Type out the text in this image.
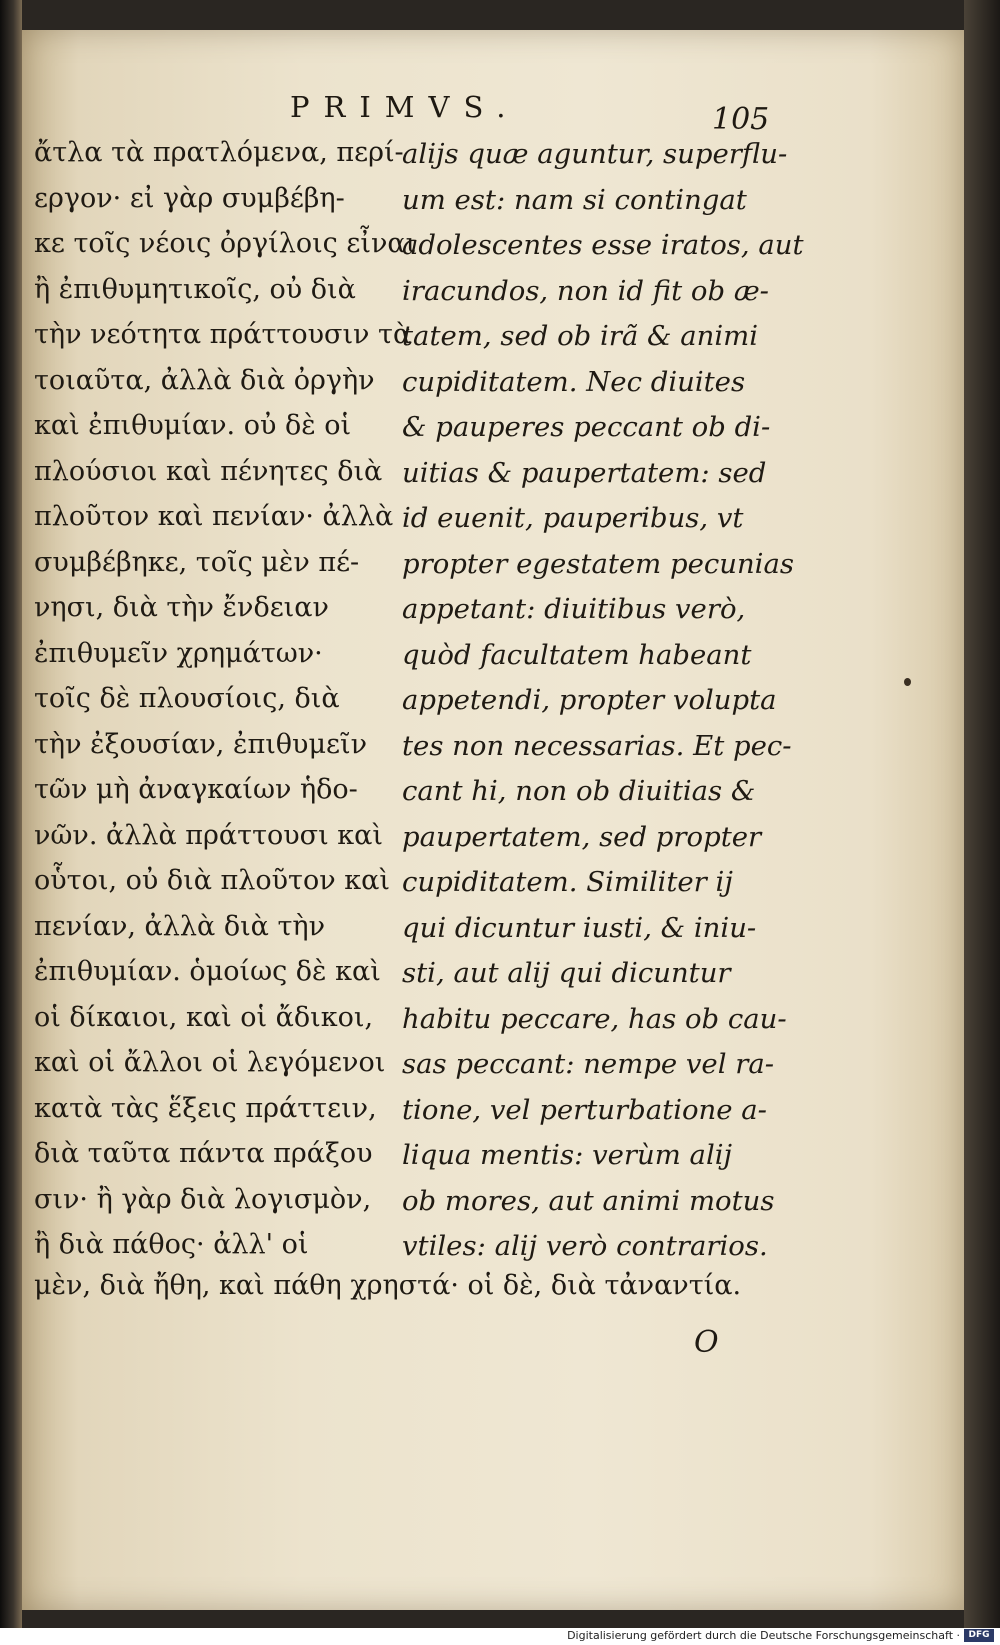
PRIMVS.	105
ἄτλα τὰ πρατλόμενα, περί-
εργον· εἰ γὰρ συμβέβη-
κε τοῖς νέοις ὀργίλοις εἶναι
ἢ ἐπιθυμητικοῖς, οὐ διὰ
τὴν νεότητα πράττουσιν τὰ
τοιαῦτα, ἀλλὰ διὰ ὀργὴν
καὶ ἐπιθυμίαν. οὐ δὲ οἱ
πλούσιοι καὶ πένητες διὰ
πλοῦτον καὶ πενίαν· ἀλλὰ
συμβέβηκε, τοῖς μὲν πέ-
νησι, διὰ τὴν ἔνδειαν
ἐπιθυμεῖν χρημάτων·
τοῖς δὲ πλουσίοις, διὰ
τὴν ἐξουσίαν, ἐπιθυμεῖν
τῶν μὴ ἀναγκαίων ἡδο-
νῶν. ἀλλὰ πράττουσι καὶ
οὗτοι, οὐ διὰ πλοῦτον καὶ
πενίαν, ἀλλὰ διὰ τὴν
ἐπιθυμίαν. ὁμοίως δὲ καὶ
οἱ δίκαιοι, καὶ οἱ ἄδικοι,
καὶ οἱ ἄλλοι οἱ λεγόμενοι
κατὰ τὰς ἕξεις πράττειν,
διὰ ταῦτα πάντα πράξου
σιν· ἢ γὰρ διὰ λογισμὸν,
ἢ διὰ πάθος· ἀλλ' οἱ
alijs quæ aguntur, superflu-
um est: nam si contingat
adolescentes esse iratos, aut
iracundos, non id fit ob æ-
tatem, sed ob irã & animi
cupiditatem. Nec diuites
& pauperes peccant ob di-
uitias & paupertatem: sed
id euenit, pauperibus, vt
propter egestatem pecunias
appetant: diuitibus verò,
quòd facultatem habeant
appetendi, propter volupta
tes non necessarias. Et pec-
cant hi, non ob diuitias &
paupertatem, sed propter
cupiditatem. Similiter ij
qui dicuntur iusti, & iniu-
sti, aut alij qui dicuntur
habitu peccare, has ob cau-
sas peccant: nempe vel ra-
tione, vel perturbatione a-
liqua mentis: verùm alij
ob mores, aut animi motus
vtiles: alij verò contrarios.
μὲν, διὰ ἤθη, καὶ πάθη χρηστά· οἱ δὲ, διὰ τἀναντία.
O
Digitalisierung gefördert durch die Deutsche Forschungsgemeinschaft · DFG
